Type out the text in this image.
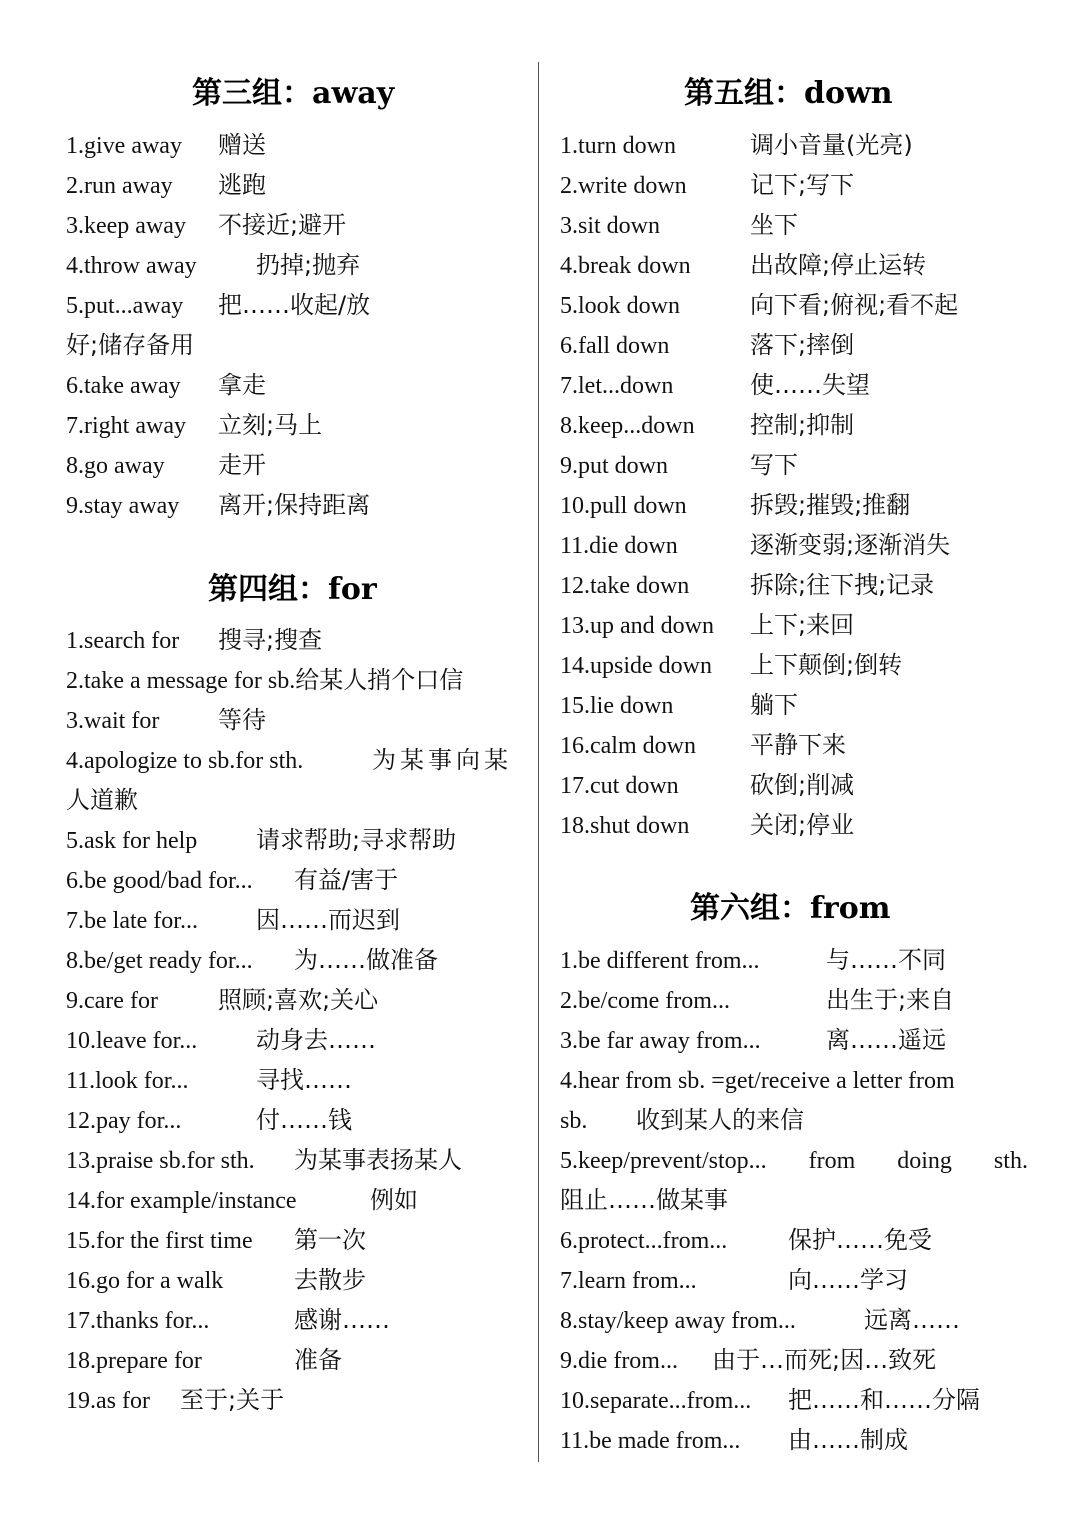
第三组：away
1.give away 赠送
2.run away 逃跑
3.keep away 不接近;避开
4.throw away 扔掉;抛弃
5.put...away 把……收起/放
好;储存备用
6.take away 拿走
7.right away 立刻;马上
8.go away 走开
9.stay away 离开;保持距离
第四组：for
1.search for 搜寻;搜查
2.take a message for sb.给某人捎个口信
3.wait for 等待
4.apologize to sb.for sth.	为某事向某
人道歉
5.ask for help 请求帮助;寻求帮助
6.be good/bad for... 有益/害于
7.be late for... 因……而迟到
8.be/get ready for... 为……做准备
9.care for	照顾;喜欢;关心
10.leave for... 动身去……
11.look for...	寻找……
12.pay for...	付……钱
13.praise sb.for sth. 为某事表扬某人
14.for example/instance	例如
15.for the first time 第一次
16.go for a walk	去散步
17.thanks for...	感谢……
18.prepare for	准备
19.as for 至于;关于
第五组：down
1.turn down	调小音量(光亮)
2.write down	记下;写下
3.sit down	坐下
4.break down 出故障;停止运转
5.look down	向下看;俯视;看不起
6.fall down	落下;摔倒
7.let...down	使……失望
8.keep...down 控制;抑制
9.put down	写下
10.pull down	拆毁;摧毁;推翻
11.die down	逐渐变弱;逐渐消失
12.take down	拆除;往下拽;记录
13.up and down 上下;来回
14.upside down 上下颠倒;倒转
15.lie down	躺下
16.calm down 平静下来
17.cut down	砍倒;削减
18.shut down	关闭;停业
第六组：from
1.be different from...	与……不同
2.be/come from...	出生于;来自
3.be far away from...	离……遥远
4.hear from sb. =get/receive a letter from
sb. 收到某人的来信
5.keep/prevent/stop...   from   doing   sth.
阻止……做某事
6.protect...from...	保护……免受
7.learn from...	向……学习
8.stay/keep away from...	远离……
9.die from... 由于…而死;因…致死
10.separate...from... 把……和……分隔
11.be made from... 由……制成
